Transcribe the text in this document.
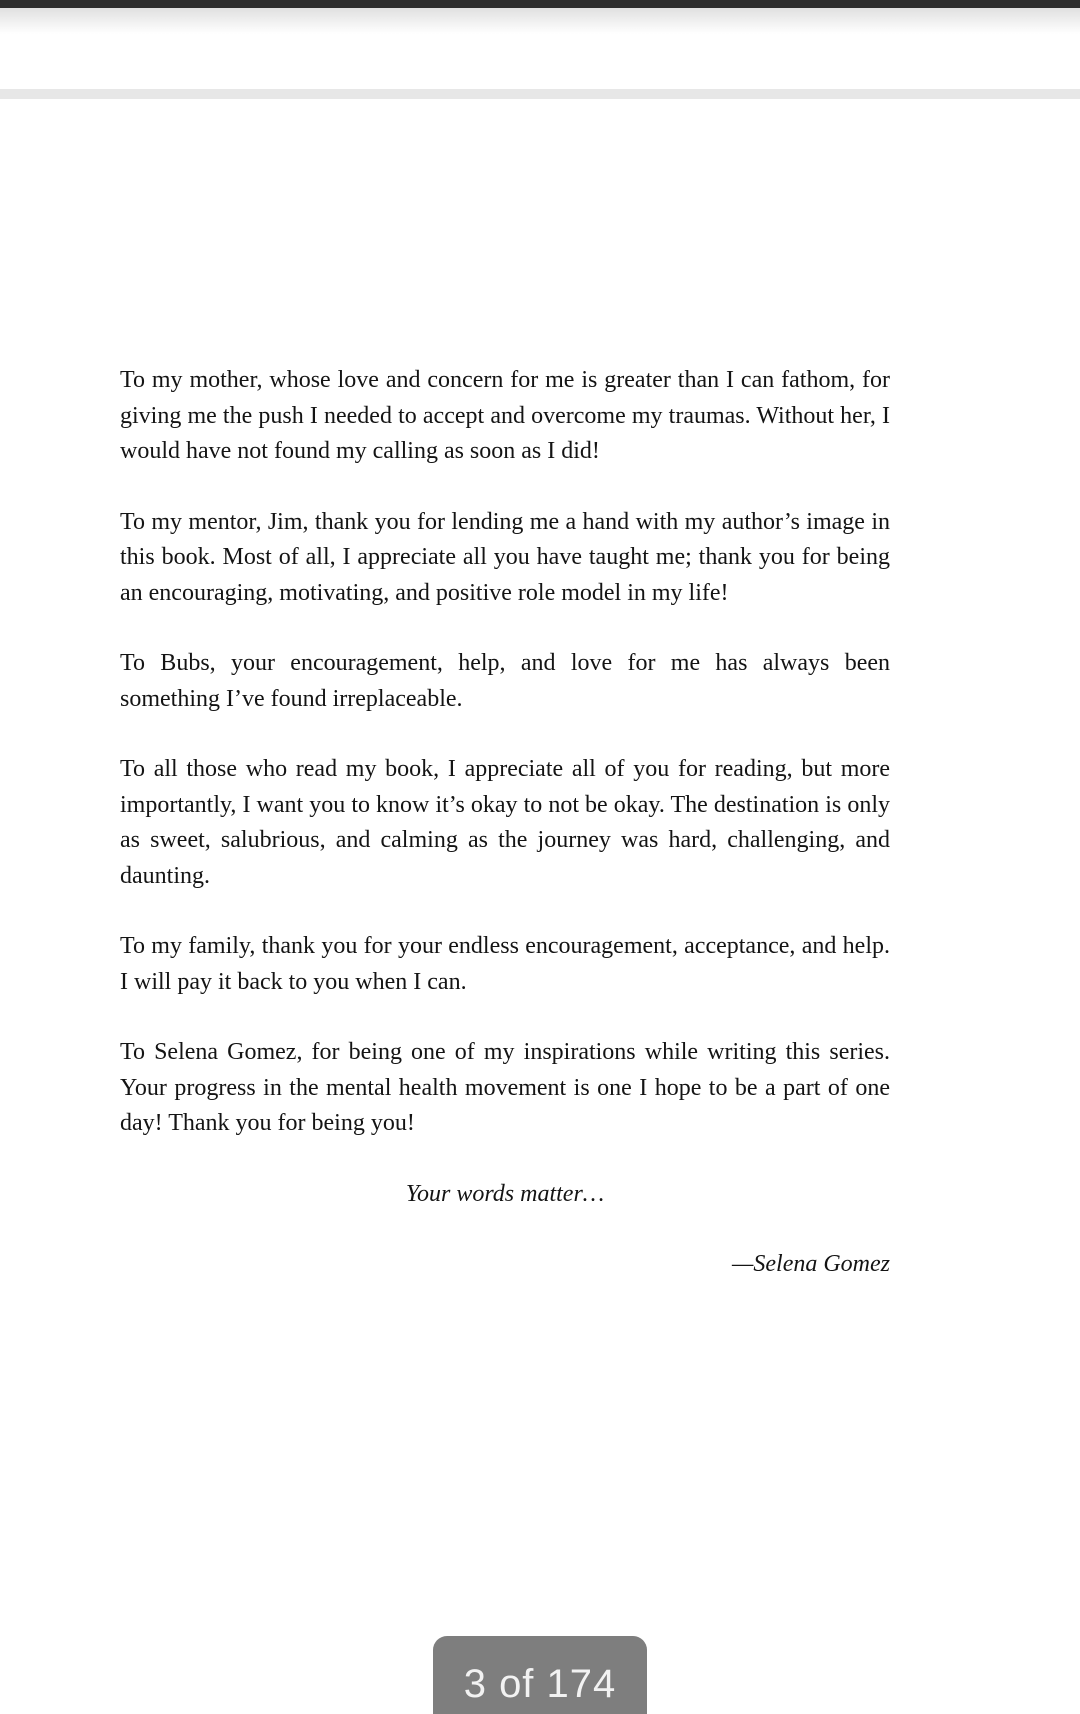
To my mother, whose love and concern for me is greater than I can fathom, for giving me the push I needed to accept and overcome my traumas. Without her, I would have not found my calling as soon as I did!

To my mentor, Jim, thank you for lending me a hand with my author’s image in this book. Most of all, I appreciate all you have taught me; thank you for being an encouraging, motivating, and positive role model in my life!

To Bubs, your encouragement, help, and love for me has always been something I’ve found irreplaceable.

To all those who read my book, I appreciate all of you for reading, but more importantly, I want you to know it’s okay to not be okay. The destination is only as sweet, salubrious, and calming as the journey was hard, challenging, and daunting.

To my family, thank you for your endless encouragement, acceptance, and help. I will pay it back to you when I can.

To Selena Gomez, for being one of my inspirations while writing this series. Your progress in the mental health movement is one I hope to be a part of one day! Thank you for being you!

Your words matter…

—Selena Gomez

3 of 174
